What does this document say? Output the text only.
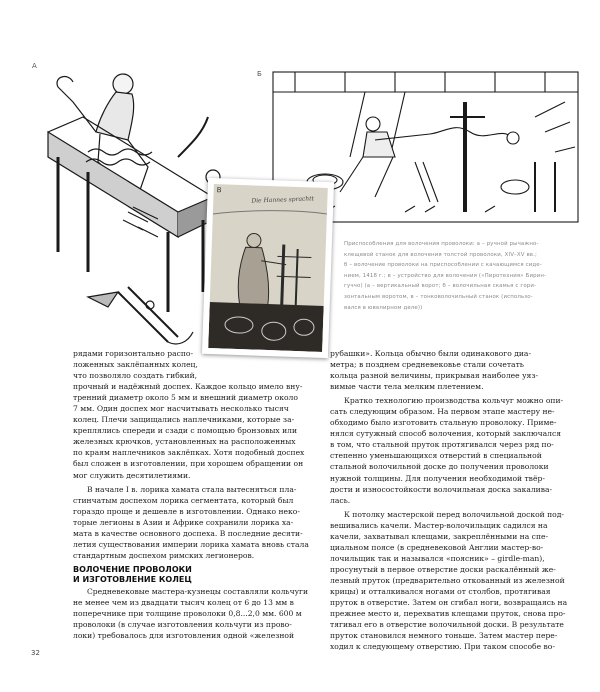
А
Б
В
Die Hannes sprachtt
Приспособления для волочения проволоки: а – ручной рычажно-
клещевой станок для волочения толстой проволоки, XIV–XV вв.;
б – волочение проволоки на приспособлении с качающимся сиде-
нием, 1418 г.; в – устройство для волочения («Пиротехния» Бирин-
гуччо) (а – вертикальный ворот; б – волочильная скамья с гори-
зонтальным воротом, в – тонковолочильный станок (использо-
вался в ювелирном деле))
рядами горизонтально распо-
ложенных заклёпанных колец,
что позволяло создать гибкий,
прочный и надёжный доспех. Каждое кольцо имело вну-
тренний диаметр около 5 мм и внешний диаметр около
7 мм. Один доспех мог насчитывать несколько тысяч
колец. Плечи защищались наплечниками, которые за-
креплялись спереди и сзади с помощью бронзовых или
железных крючков, установленных на расположенных
по краям наплечников заклёпках. Хотя подобный доспех
был сложен в изготовлении, при хорошем обращении он
мог служить десятилетиями.
В начале I в. лорика хамата стала вытесняться пла-
стинчатым доспехом лорика сегментата, который был
гораздо проще и дешевле в изготовлении. Однако неко-
торые легионы в Азии и Африке сохранили лорика ха-
мата в качестве основного доспеха. В последние десяти-
летия существования империи лорика хамата вновь стала
стандартным доспехом римских легионеров.
ВОЛОЧЕНИЕ ПРОВОЛОКИ
И ИЗГОТОВЛЕНИЕ КОЛЕЦ
Средневековые мастера-кузнецы составляли кольчуги
не менее чем из двадцати тысяч колец от 6 до 13 мм в
поперечнике при толщине проволоки 0,8...2,0 мм. 600 м
проволоки (в случае изготовления кольчуги из прово-
локи) требовалось для изготовления одной «железной
рубашки». Кольца обычно были одинакового диа-
метра; в позднем средневековье стали сочетать
кольца разной величины, прикрывая наиболее уяз-
вимые части тела мелким плетением.
Кратко технологию производства кольчуг можно опи-
сать следующим образом. На первом этапе мастеру не-
обходимо было изготовить стальную проволоку. Приме-
нялся сутужный способ волочения, который заключался
в том, что стальной пруток протягивался через ряд по-
степенно уменьшающихся отверстий в специальной
стальной волочильной доске до получения проволоки
нужной толщины. Для получения необходимой твёр-
дости и износостойкости волочильная доска закалива-
лась.
К потолку мастерской перед волочильной доской под-
вешивались качели. Мастер-волочильщик садился на
качели, захватывал клещами, закреплёнными на спе-
циальном поясе (в средневековой Англии мастер-во-
лочильщик так и назывался «поясник» – girdle-man),
просунутый в первое отверстие доски раскалённый же-
лезный пруток (предварительно откованный из железной
крицы) и отталкивался ногами от столбов, протягивая
пруток в отверстие. Затем он сгибал ноги, возвращаясь на
прежнее место и, перехватив клещами пруток, снова про-
тягивал его в отверстие волочильной доски. В результате
пруток становился немного тоньше. Затем мастер пере-
ходил к следующему отверстию. При таком способе во-
32
